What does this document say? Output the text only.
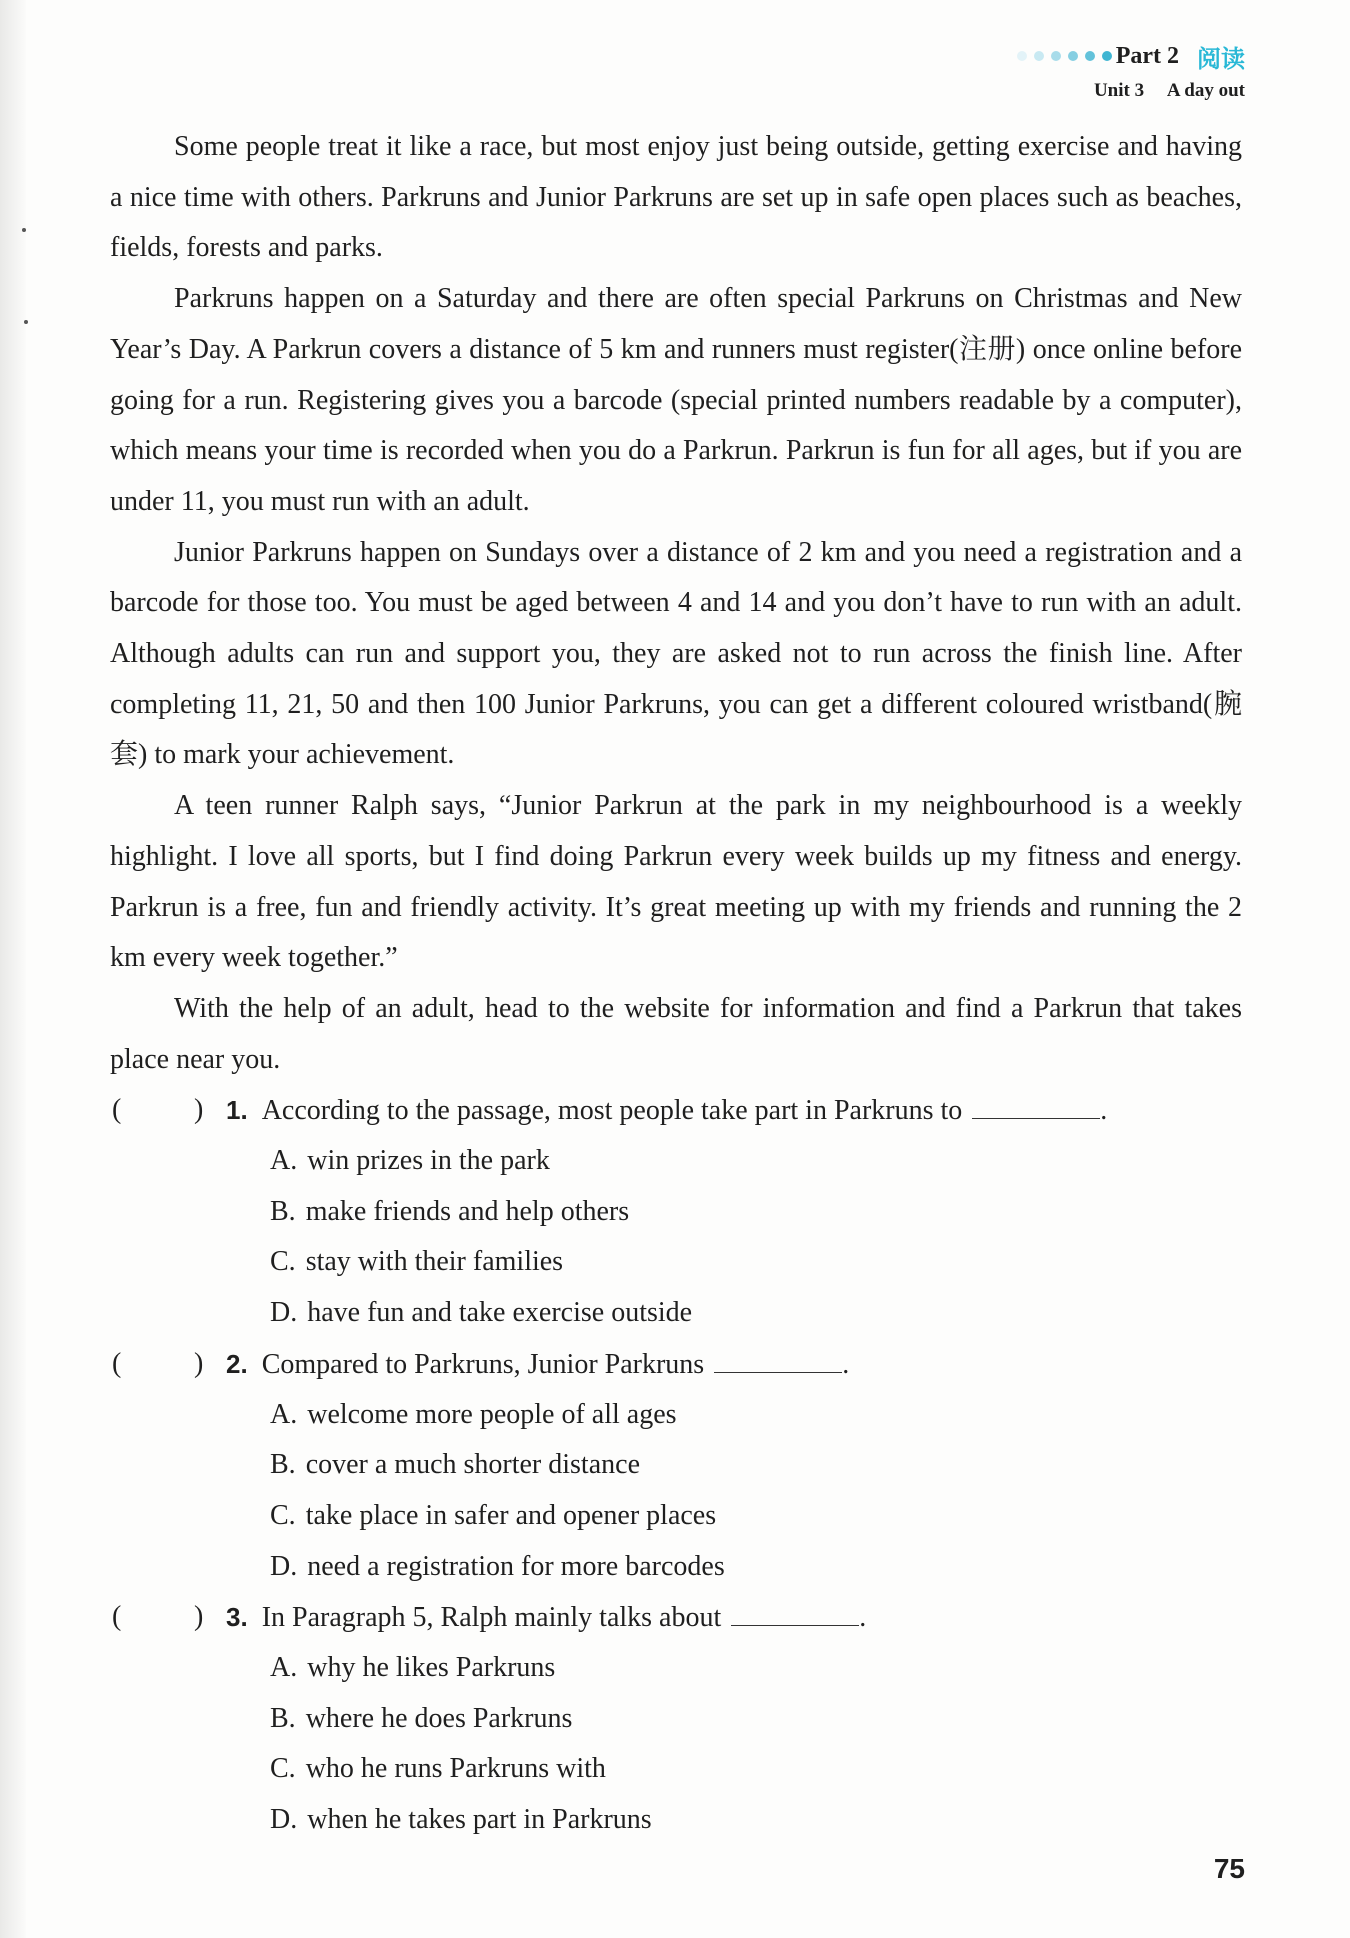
Part 2 阅读
Unit 3 A day out

Some people treat it like a race, but most enjoy just being outside, getting exercise and having a nice time with others. Parkruns and Junior Parkruns are set up in safe open places such as beaches, fields, forests and parks.

Parkruns happen on a Saturday and there are often special Parkruns on Christmas and New Year’s Day. A Parkrun covers a distance of 5 km and runners must register(注册) once online before going for a run. Registering gives you a barcode (special printed numbers readable by a computer), which means your time is recorded when you do a Parkrun. Parkrun is fun for all ages, but if you are under 11, you must run with an adult.

Junior Parkruns happen on Sundays over a distance of 2 km and you need a registration and a barcode for those too. You must be aged between 4 and 14 and you don’t have to run with an adult. Although adults can run and support you, they are asked not to run across the finish line. After completing 11, 21, 50 and then 100 Junior Parkruns, you can get a different coloured wristband(腕套) to mark your achievement.

A teen runner Ralph says, “Junior Parkrun at the park in my neighbourhood is a weekly highlight. I love all sports, but I find doing Parkrun every week builds up my fitness and energy. Parkrun is a free, fun and friendly activity. It’s great meeting up with my friends and running the 2 km every week together.”

With the help of an adult, head to the website for information and find a Parkrun that takes place near you.

(	) 1. According to the passage, most people take part in Parkruns to	.

A. win prizes in the park

B. make friends and help others

C. stay with their families

D. have fun and take exercise outside

(	) 2. Compared to Parkruns, Junior Parkruns	.

A. welcome more people of all ages

B. cover a much shorter distance

C. take place in safer and opener places

D. need a registration for more barcodes

(	) 3. In Paragraph 5, Ralph mainly talks about	.

A. why he likes Parkruns

B. where he does Parkruns

C. who he runs Parkruns with

D. when he takes part in Parkruns

75
